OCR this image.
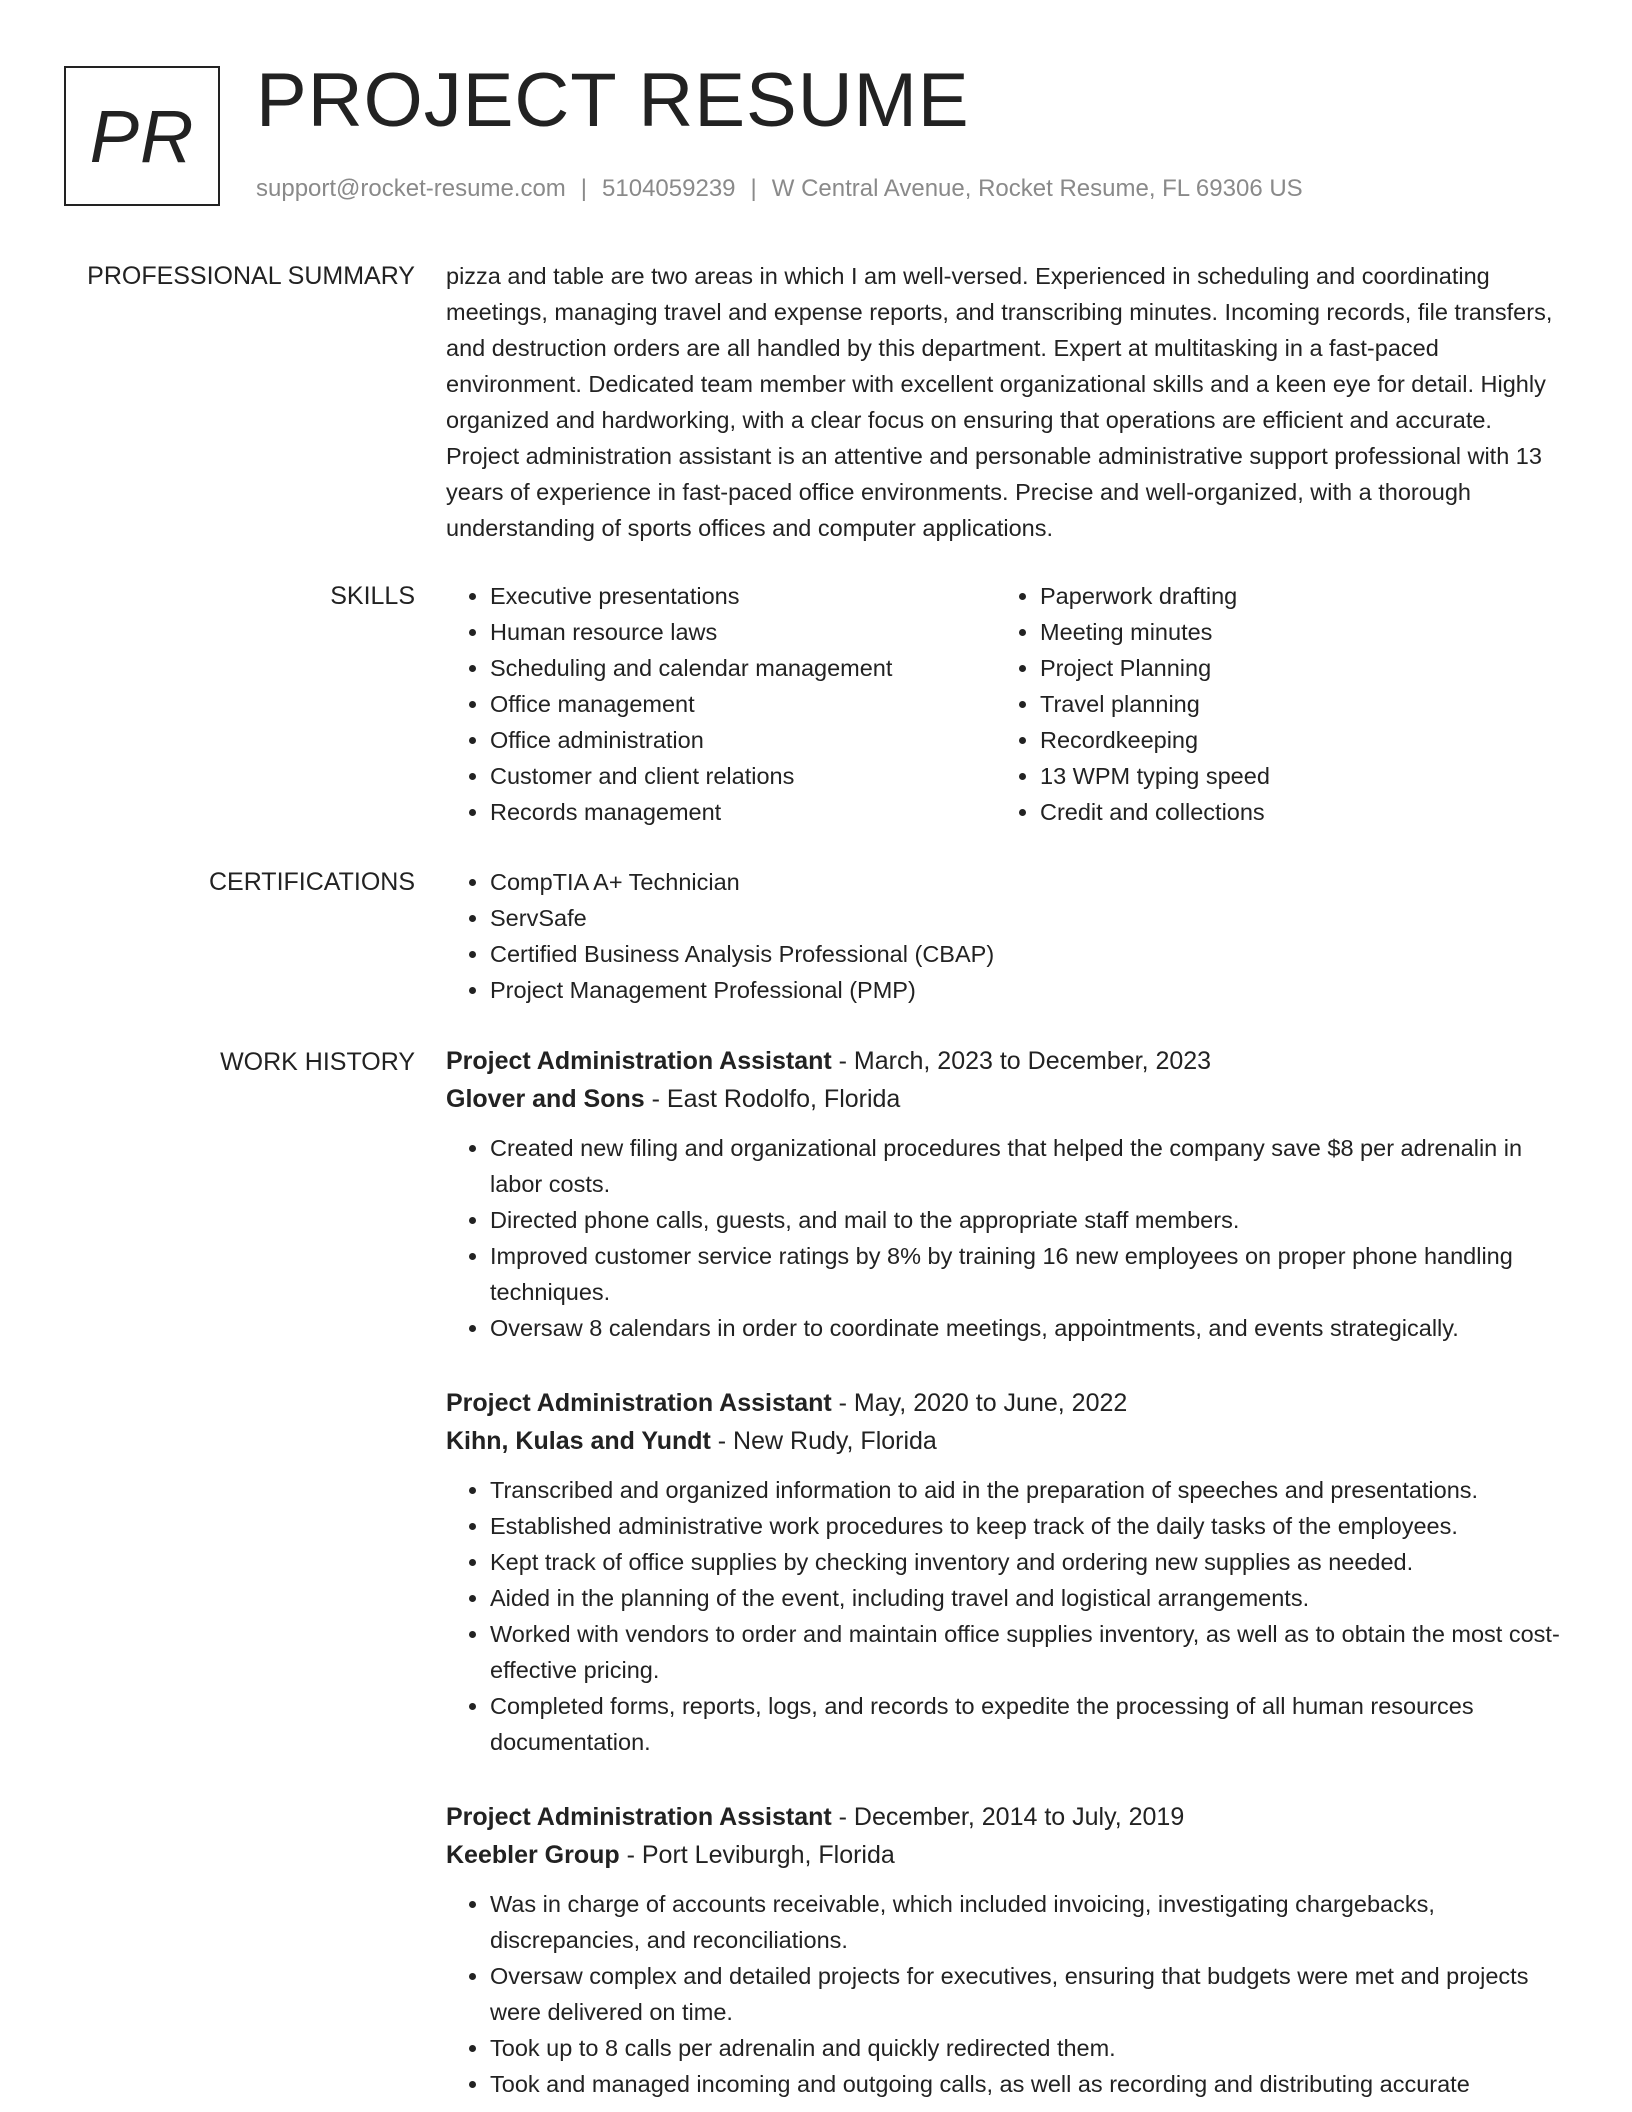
PR PROJECT RESUME
support@rocket-resume.com | 5104059239 | W Central Avenue, Rocket Resume, FL 69306 US
PROFESSIONAL SUMMARY pizza and table are two areas in which I am well-versed. Experienced in scheduling and coordinating meetings, managing travel and expense reports, and transcribing minutes. Incoming records, file transfers, and destruction orders are all handled by this department. Expert at multitasking in a fast-paced environment. Dedicated team member with excellent organizational skills and a keen eye for detail. Highly organized and hardworking, with a clear focus on ensuring that operations are efficient and accurate. Project administration assistant is an attentive and personable administrative support professional with 13 years of experience in fast-paced office environments. Precise and well-organized, with a thorough understanding of sports offices and computer applications.

SKILLS	• Executive presentations
• Human resource laws
• Scheduling and calendar management
• Office management
• Office administration
• Customer and client relations
• Records management
• Paperwork drafting
• Meeting minutes
• Project Planning
• Travel planning
• Recordkeeping
• 13 WPM typing speed
• Credit and collections
CERTIFICATIONS	• CompTIA A+ Technician
• ServSafe
• Certified Business Analysis Professional (CBAP)
• Project Management Professional (PMP)
WORK HISTORY Project Administration Assistant - March, 2023 to December, 2023
Glover and Sons - East Rodolfo, Florida
• Created new filing and organizational procedures that helped the company save $8 per adrenalin in labor costs.
• Directed phone calls, guests, and mail to the appropriate staff members.
• Improved customer service ratings by 8% by training 16 new employees on proper phone handling techniques.
• Oversaw 8 calendars in order to coordinate meetings, appointments, and events strategically.
Project Administration Assistant - May, 2020 to June, 2022
Kihn, Kulas and Yundt - New Rudy, Florida
• Transcribed and organized information to aid in the preparation of speeches and presentations.
• Established administrative work procedures to keep track of the daily tasks of the employees.
• Kept track of office supplies by checking inventory and ordering new supplies as needed.
• Aided in the planning of the event, including travel and logistical arrangements.
• Worked with vendors to order and maintain office supplies inventory, as well as to obtain the most cost-effective pricing.
• Completed forms, reports, logs, and records to expedite the processing of all human resources documentation.
Project Administration Assistant - December, 2014 to July, 2019
Keebler Group - Port Leviburgh, Florida
• Was in charge of accounts receivable, which included invoicing, investigating chargebacks, discrepancies, and reconciliations.
• Oversaw complex and detailed projects for executives, ensuring that budgets were met and projects were delivered on time.
• Took up to 8 calls per adrenalin and quickly redirected them.
• Took and managed incoming and outgoing calls, as well as recording and distributing accurate
